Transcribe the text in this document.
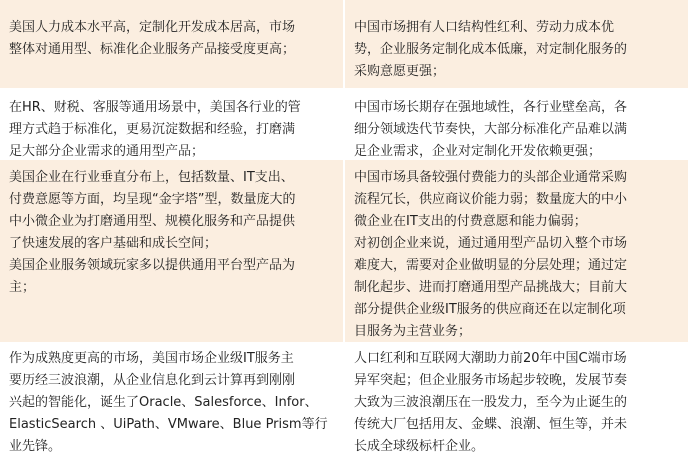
美国人力成本水平高，定制化开发成本居高，市场
整体对通用型、标准化企业服务产品接受度更高；
中国市场拥有人口结构性红利、劳动力成本优
势，企业服务定制化成本低廉，对定制化服务的
采购意愿更强；
在HR、财税、客服等通用场景中，美国各行业的管
理方式趋于标准化，更易沉淀数据和经验，打磨满
足大部分企业需求的通用型产品；
中国市场长期存在强地域性，各行业壁垒高，各
细分领域迭代节奏快，大部分标准化产品难以满
足企业需求，企业对定制化开发依赖更强；
美国企业在行业垂直分布上，包括数量、IT支出、
付费意愿等方面，均呈现“金字塔”型，数量庞大的
中小微企业为打磨通用型、规模化服务和产品提供
了快速发展的客户基础和成长空间；
美国企业服务领域玩家多以提供通用平台型产品为
主；
中国市场具备较强付费能力的头部企业通常采购
流程冗长，供应商议价能力弱；数量庞大的中小
微企业在IT支出的付费意愿和能力偏弱；
对初创企业来说，通过通用型产品切入整个市场
难度大，需要对企业做明显的分层处理；通过定
制化起步、进而打磨通用型产品挑战大；目前大
部分提供企业级IT服务的供应商还在以定制化项
目服务为主营业务；
作为成熟度更高的市场，美国市场企业级IT服务主
要历经三波浪潮，从企业信息化到云计算再到刚刚
兴起的智能化，诞生了Oracle、Salesforce、Infor、ElasticSearch 、UiPath、VMware、Blue Prism等行业先锋。
人口红利和互联网大潮助力前20年中国C端市场
异军突起；但企业服务市场起步较晚，发展节奏
大致为三波浪潮压在一股发力，至今为止诞生的
传统大厂包括用友、金蝶、浪潮、恒生等，并未
长成全球级标杆企业。
